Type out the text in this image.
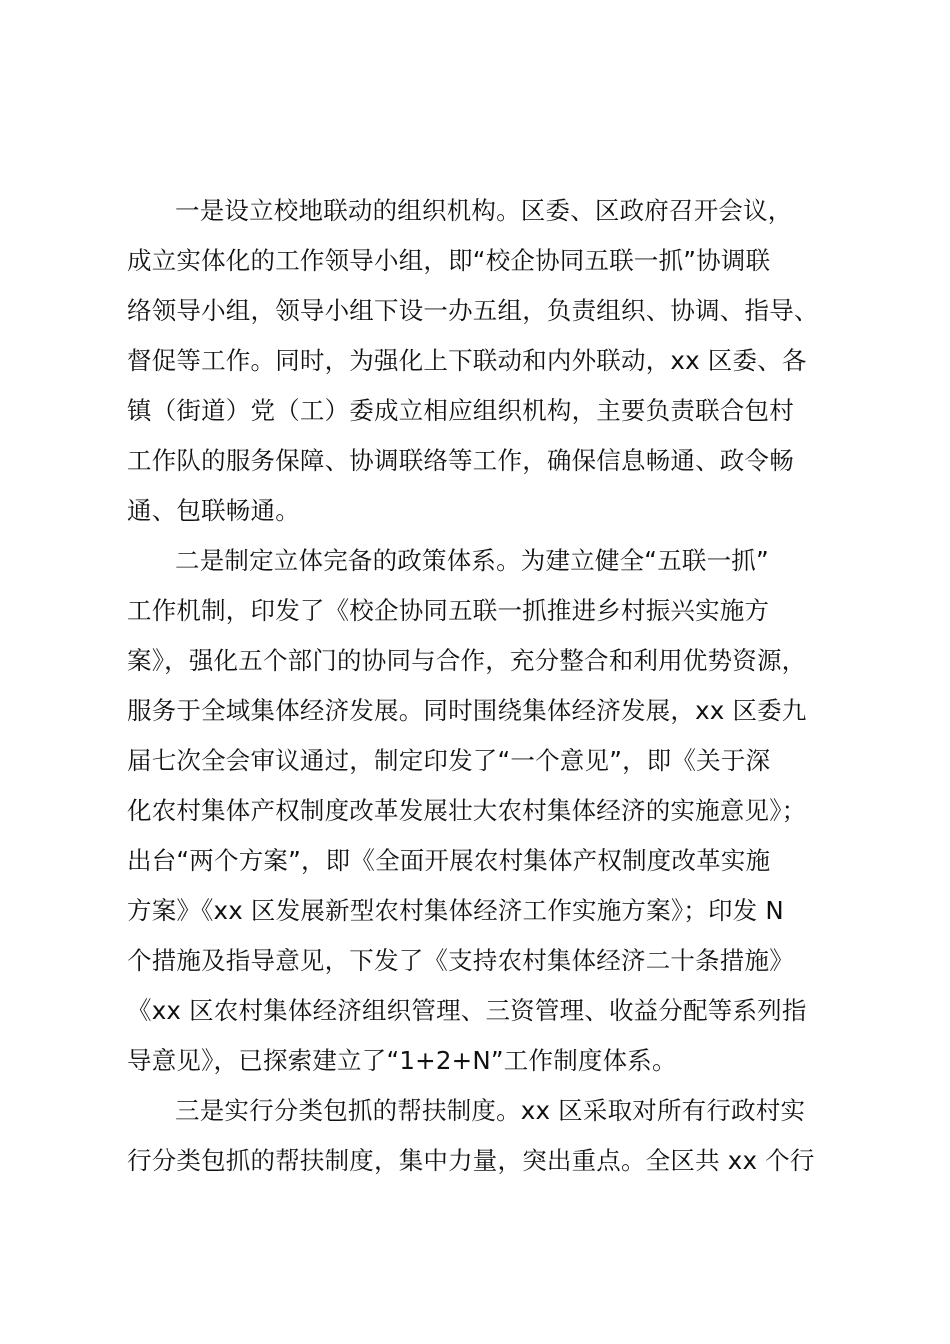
一是设立校地联动的组织机构。区委、区政府召开会议，
成立实体化的工作领导小组，即“校企协同五联一抓”协调联
络领导小组，领导小组下设一办五组，负责组织、协调、指导、
督促等工作。同时，为强化上下联动和内外联动，xx 区委、各
镇（街道）党（工）委成立相应组织机构，主要负责联合包村
工作队的服务保障、协调联络等工作，确保信息畅通、政令畅
通、包联畅通。
二是制定立体完备的政策体系。为建立健全“五联一抓”
工作机制，印发了《校企协同五联一抓推进乡村振兴实施方
案》，强化五个部门的协同与合作，充分整合和利用优势资源，
服务于全域集体经济发展。同时围绕集体经济发展，xx 区委九
届七次全会审议通过，制定印发了“一个意见”，即《关于深
化农村集体产权制度改革发展壮大农村集体经济的实施意见》；
出台“两个方案”，即《全面开展农村集体产权制度改革实施
方案》《xx 区发展新型农村集体经济工作实施方案》；印发 N
个措施及指导意见，下发了《支持农村集体经济二十条措施》
《xx 区农村集体经济组织管理、三资管理、收益分配等系列指
导意见》，已探索建立了“1+2+N”工作制度体系。
三是实行分类包抓的帮扶制度。xx 区采取对所有行政村实
行分类包抓的帮扶制度，集中力量，突出重点。全区共 xx 个行
